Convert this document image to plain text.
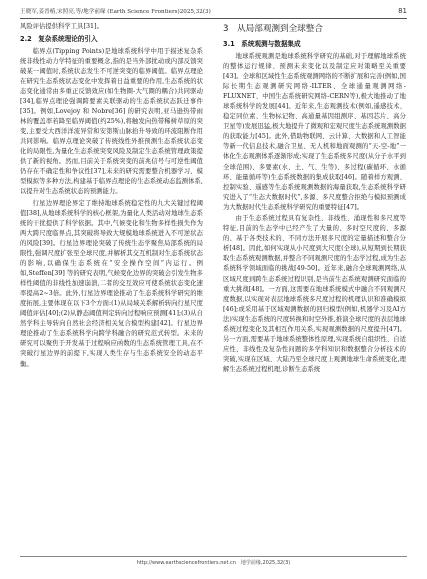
王晓军,姜晋椿,宋照亮,等/地学前缘 (Earth Science Frontiers)2025,32(3)	81

风险评估提供科学工具[31]。

2.2　复杂系统理论的引入

临界点(Tipping Points)是地球系统科学中用于描述复杂系统非线性动力学特征的重要概念,指的是当外部扰动或内部反馈突破某一阈值时,系统状态发生不可逆突变的临界阈值。临界点理论在研究生态系统状态变化中发挥着日益重要的作用,生态系统的状态变化通常由多重正反馈效应(如生物圈-大气圈的耦合)共同驱动[34],临界点理论强调跨要素关联驱动的生态系统状态跃迁事件[35]。例如,Lovejoy 和 Nobre[36] 的研究表明,亚马逊热带雨林的覆盖率若降至临界阈值(约25%),将触发向热带稀树草原的突变,主要受大西洋洋流异常和安第斯山脉抬升导致的环流阻断作用共同影响。临界点理论突破了传统线性外推预测生态系统状态变化的局限性,为量化生态系统突变风险及制定生态系统管理政策提供了新的视角。然而,目前关于系统突变的前兆信号与可逆性阈值仍存在不确定性和争议性[37],未来的研究需要整合机器学习、模型模拟等多种方法,构建基于临界点理论的生态系统动态监测体系,以提升对生态系统状态的预测能力。

行星边界理论界定了维持地球系统稳定性的九大关键过程阈值[38],从地球系统科学的核心框架,为量化人类活动对地球生态系统的干扰提供了科学依据。其中,气候变化和生物多样性损失作为两大跨尺度临界点,其突破将导致大规模地球系统进入不可逆状态的风险[39]。行星边界理论突破了传统生态学聚焦局部系统的局限性,强调尺度扩张至全球尺度,并解析其交互机制对生态系统状态的影响,以确保生态系统在“安全操作空间”内运行。例如,Steffen[39] 等的研究表明,气候变化边界的突破会引发生物多样性阈值的非线性加速崩溃,二者的交互效应可使系统状态变化速率提高2~3倍。此外,行星边界理论推动了生态系统科学研究的维度拓展,主要体现在以下3个方面:(1)从局域关系解析转向行星尺度阈值评估[40];(2)从静态阈值判定转向过程响应预测[41];(3)从自然学科主导转向自然社会经济相关复合模型构建[42]。行星边界理论推动了生态系统科学向跨学科融合的研究范式转型。未来的研究可以聚焦于开发基于过程响应函数的生态系统管理工具,在不突破行星边界的前提下,实现人类生存与生态系统安全的动态平衡。

3　从局部观测到全球整合
3.1　系统观测与数据集成

地球系统观测是地球系统科学研究的基础,对于理解地球系统的整体运行规律、预测未来变化以及制定应对策略至关重要[43]。全球和区域性生态系统观测网络的不断扩展和完善(例如,国际长期生态观测研究网络-ILTER、全球通量观测网络-FLUXNET、中国生态系统研究网络-CERN等),极大地推动了地球系统科学的发展[44]。近年来,生态观测技术(例如,遥感技术、稳定同位素、生物标记物、高通量基因组测序、基因芯片、高分卫星等)发展迅猛,极大地提升了微观和宏观尺度生态系统观测数据的获取能力[45]。此外,借助物联网、云计算、大数据和人工智能等新一代信息技术,融合卫星、无人机和地面观测的“天-空-地”一体化生态观测体系逐渐形成;实现了生态系统多尺度(从分子水平到全球范围)、多要素(水、土、气、生等)、多过程(碳循环、水循环、能量循环等)生态系统数据的集成获取[46]。随着样方观测、控制实验、遥感等生态系统观测数据的海量获取,生态系统科学研究进入了“生态大数据时代”,多源、多尺度整合拒绝与模拟预测成为大数据时代生态系统科学研究的重要特征[47]。

由于生态系统过程具有复杂性、非线性、涌现性和多尺度等特征,目前的生态学中已经产生了大量的、多时空尺度的、多源的、基于各类技术的、不同方法开展多尺度的定量描述和整合分析[48]。因此,如何实现从小尺度到大尺度(全球),从短期到长期获取生态系统观测数据,并整合不同观测尺度的生态学过程,成为生态系统科学领域面临的挑战[49-50]。近年来,融合全球观测网络,从区域尺度到跨生态系统过程识别,是当前生态系统观测研究面临的重大挑战[48]。一方面,这需要在地球系统模式中融合不同观测尺度数据,以实现对表层地球系统多尺度过程的机理认识和准确模拟[46];或采用基于区域观测数据的回归模型(例如,机器学习及AI方法)实现生态系统的尺度转换和时空外推,推演全球尺度的表层地球系统过程变化及其相互作用关系,实现观测数据的尺度提升[47]。另一方面,需要基于地球系统整体性原理,实现系统自组织性、自适应性、非线性及复杂性问题的多学科知识和数据整合分析技术的突破,实现在区域、大陆乃至全球尺度上观测地球生命系统变化,理解生态系统过程机理,诊断生态系统

http://www.earthsciencefrontiers.net.cn　地学前缘,2025,32(3)
